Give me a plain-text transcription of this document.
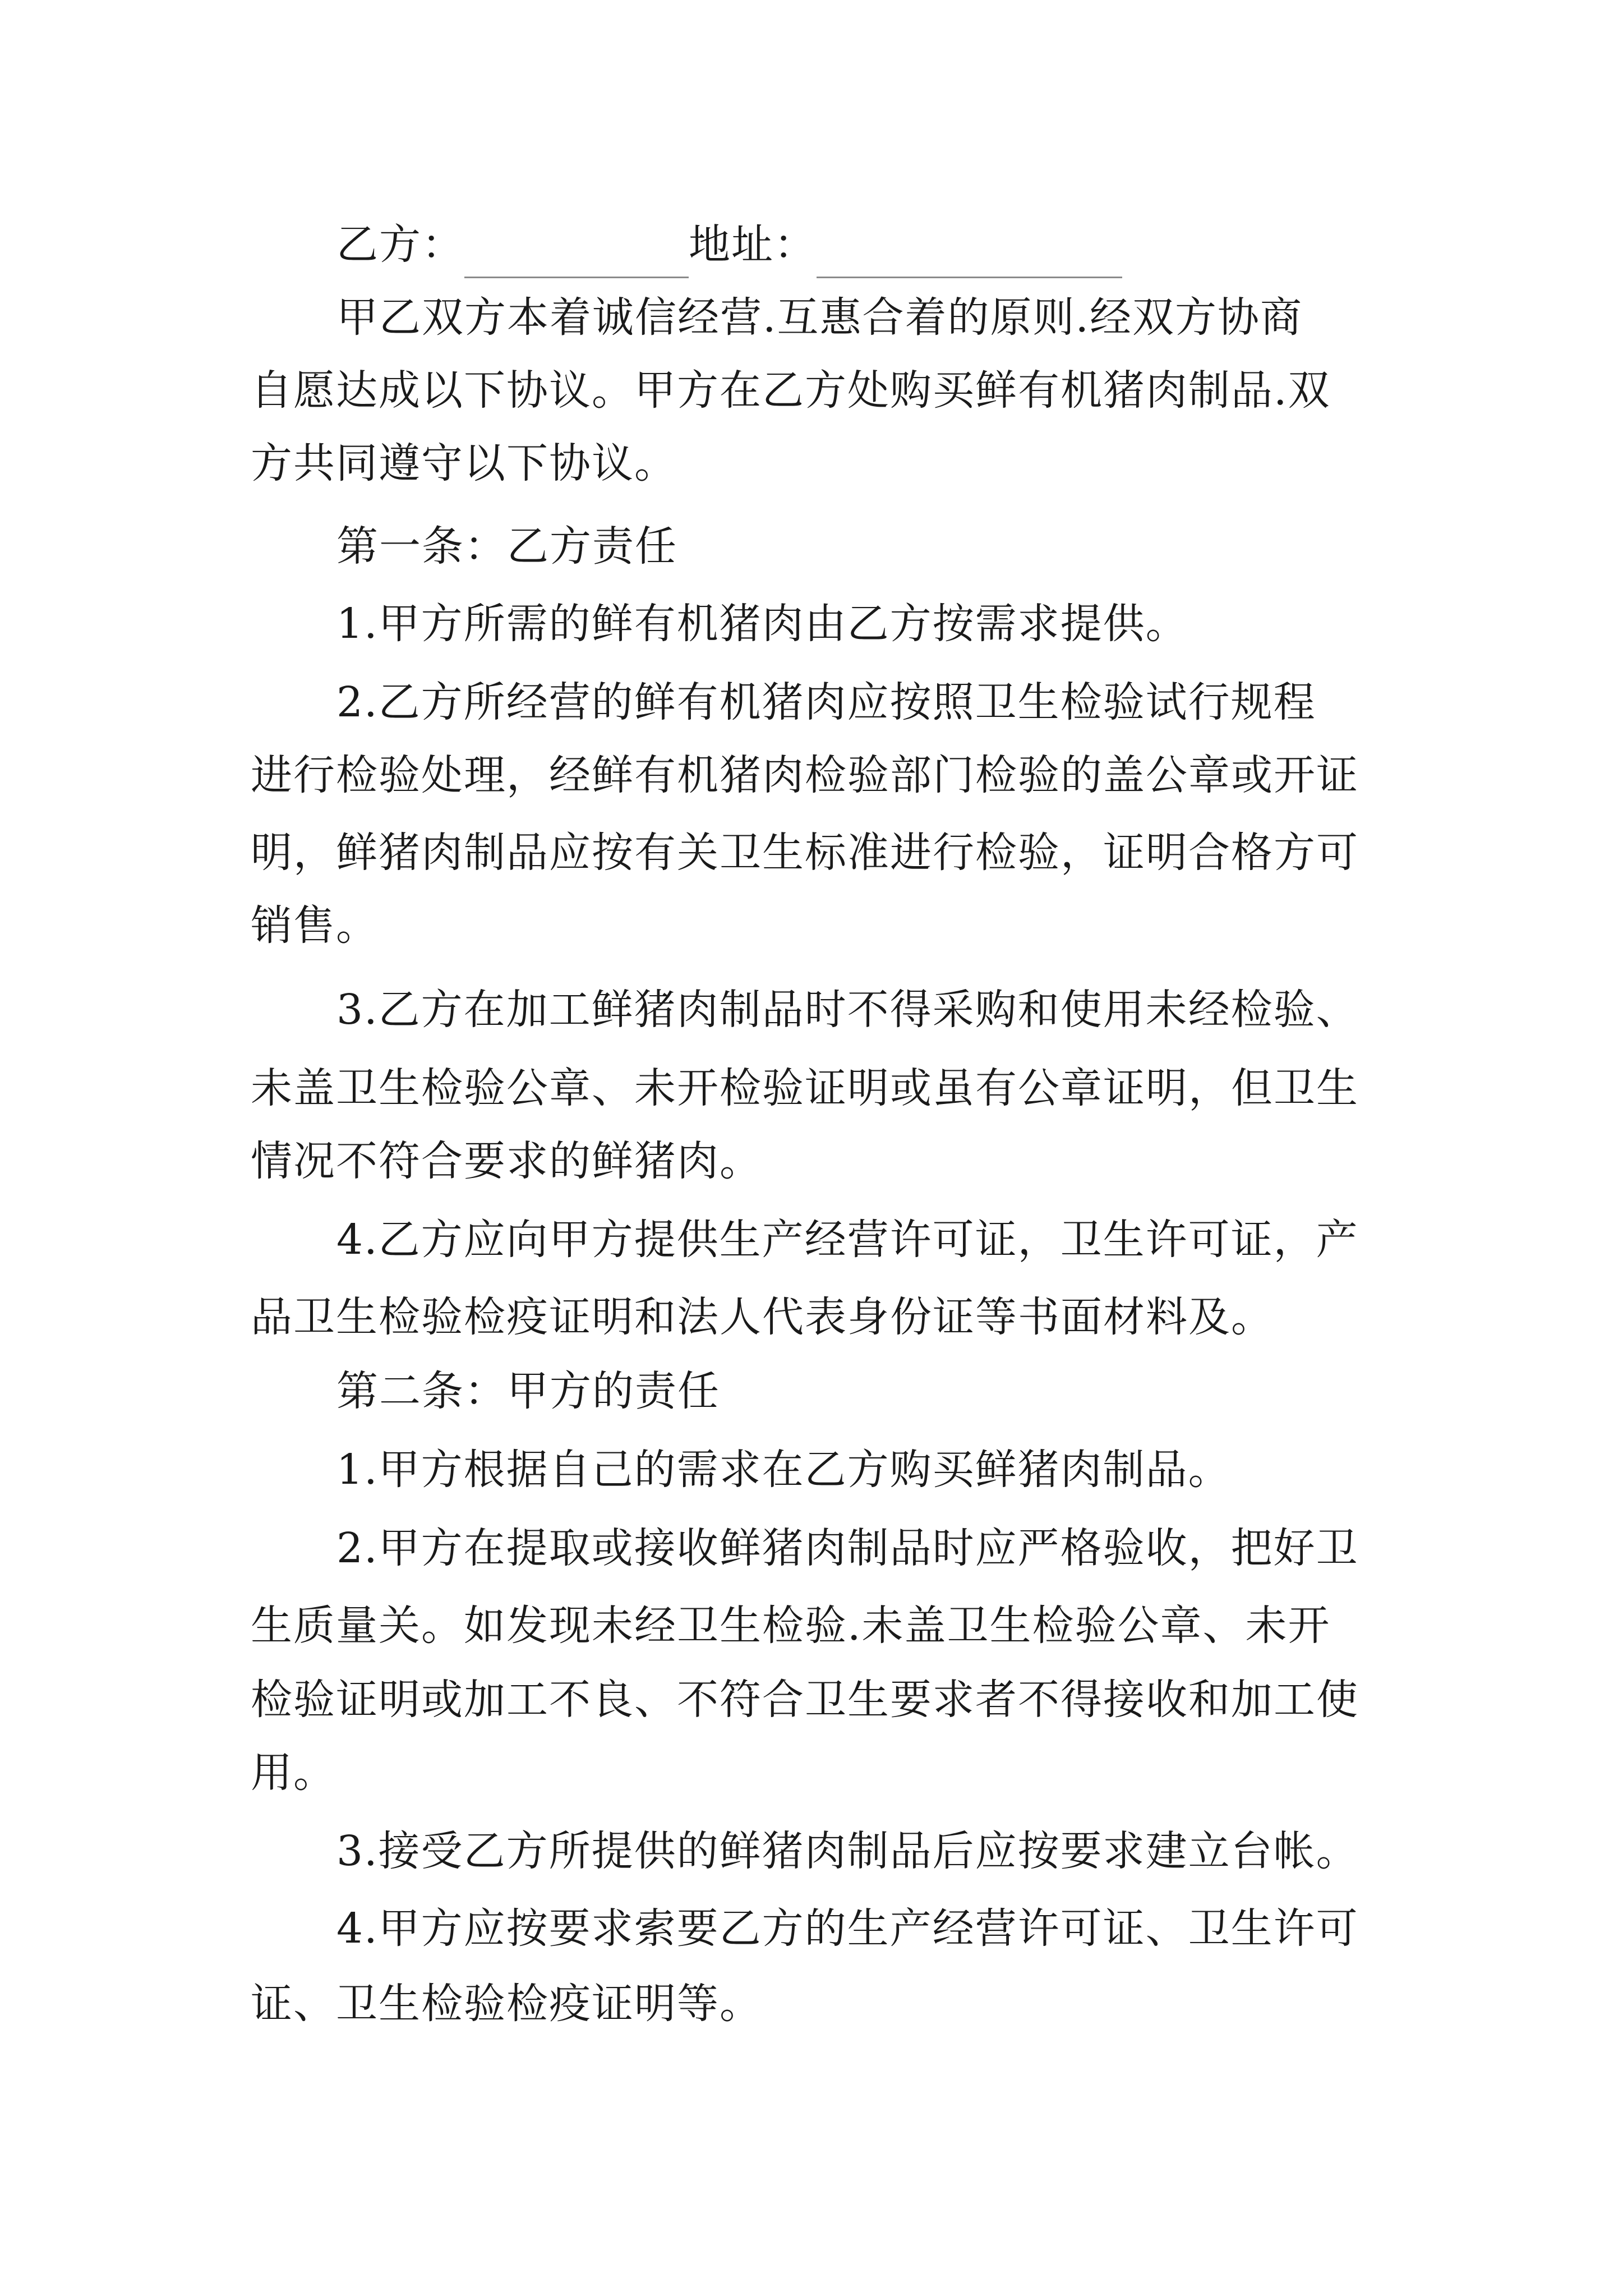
乙方：	地址：
甲乙双方本着诚信经营.互惠合着的原则.经双方协商
自愿达成以下协议。甲方在乙方处购买鲜有机猪肉制品.双
方共同遵守以下协议。
第一条：乙方责任
1.甲方所需的鲜有机猪肉由乙方按需求提供。
2.乙方所经营的鲜有机猪肉应按照卫生检验试行规程
进行检验处理，经鲜有机猪肉检验部门检验的盖公章或开证
明，鲜猪肉制品应按有关卫生标准进行检验，证明合格方可
销售。
3.乙方在加工鲜猪肉制品时不得采购和使用未经检验、
未盖卫生检验公章、未开检验证明或虽有公章证明，但卫生
情况不符合要求的鲜猪肉。
4.乙方应向甲方提供生产经营许可证，卫生许可证，产
品卫生检验检疫证明和法人代表身份证等书面材料及。
第二条：甲方的责任
1.甲方根据自己的需求在乙方购买鲜猪肉制品。
2.甲方在提取或接收鲜猪肉制品时应严格验收，把好卫
生质量关。如发现未经卫生检验.未盖卫生检验公章、未开
检验证明或加工不良、不符合卫生要求者不得接收和加工使
用。
3.接受乙方所提供的鲜猪肉制品后应按要求建立台帐。
4.甲方应按要求索要乙方的生产经营许可证、卫生许可
证、卫生检验检疫证明等。
